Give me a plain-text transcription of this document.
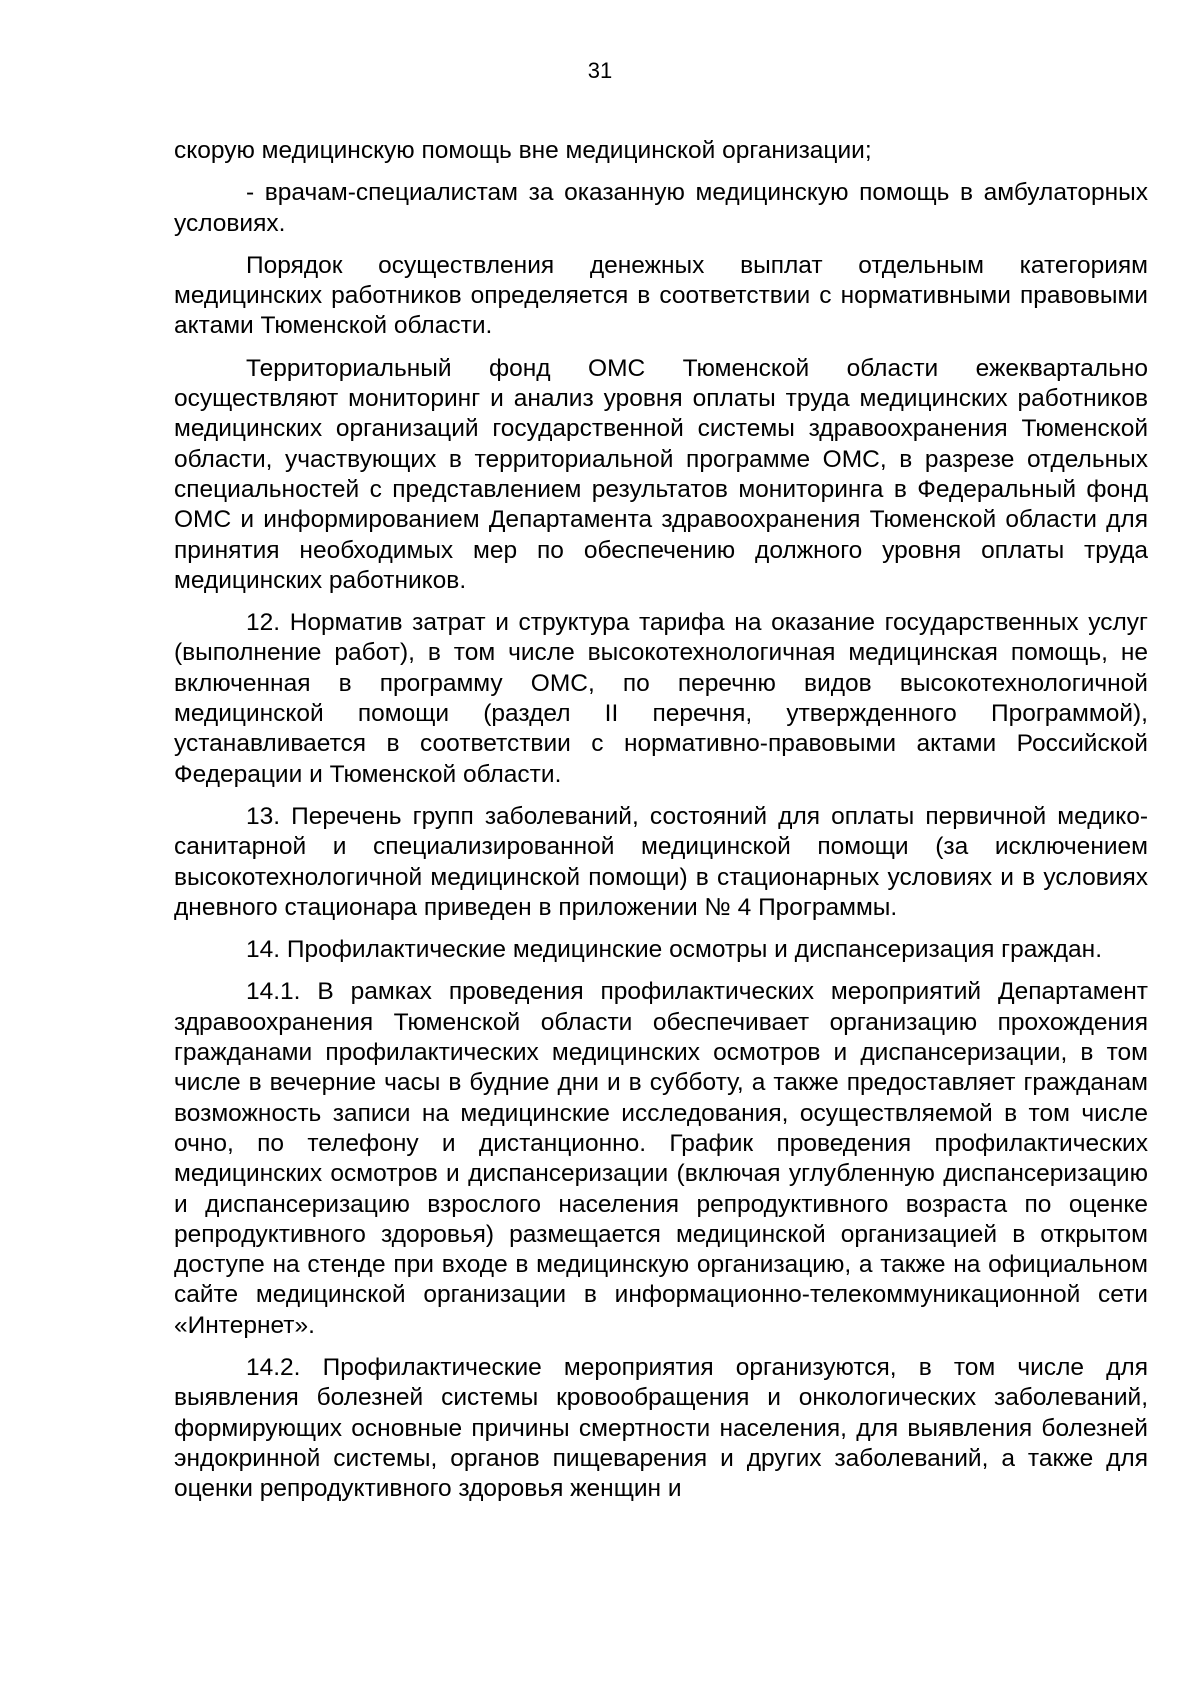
31

скорую медицинскую помощь вне медицинской организации;

- врачам-специалистам за оказанную медицинскую помощь в амбулаторных условиях.

Порядок осуществления денежных выплат отдельным категориям медицинских работников определяется в соответствии с нормативными правовыми актами Тюменской области.

Территориальный фонд ОМС Тюменской области ежеквартально осуществляют мониторинг и анализ уровня оплаты труда медицинских работников медицинских организаций государственной системы здравоохранения Тюменской области, участвующих в территориальной программе ОМС, в разрезе отдельных специальностей с представлением результатов мониторинга в Федеральный фонд ОМС и информированием Департамента здравоохранения Тюменской области для принятия необходимых мер по обеспечению должного уровня оплаты труда медицинских работников.

12. Норматив затрат и структура тарифа на оказание государственных услуг (выполнение работ), в том числе высокотехнологичная медицинская помощь, не включенная в программу ОМС, по перечню видов высокотехнологичной медицинской помощи (раздел II перечня, утвержденного Программой), устанавливается в соответствии с нормативно-правовыми актами Российской Федерации и Тюменской области.

13. Перечень групп заболеваний, состояний для оплаты первичной медико-санитарной и специализированной медицинской помощи (за исключением высокотехнологичной медицинской помощи) в стационарных условиях и в условиях дневного стационара приведен в приложении № 4 Программы.

14. Профилактические медицинские осмотры и диспансеризация граждан.

14.1. В рамках проведения профилактических мероприятий Департамент здравоохранения Тюменской области обеспечивает организацию прохождения гражданами профилактических медицинских осмотров и диспансеризации, в том числе в вечерние часы в будние дни и в субботу, а также предоставляет гражданам возможность записи на медицинские исследования, осуществляемой в том числе очно, по телефону и дистанционно. График проведения профилактических медицинских осмотров и диспансеризации (включая углубленную диспансеризацию и диспансеризацию взрослого населения репродуктивного возраста по оценке репродуктивного здоровья) размещается медицинской организацией в открытом доступе на стенде при входе в медицинскую организацию, а также на официальном сайте медицинской организации в информационно-телекоммуникационной сети «Интернет».

14.2. Профилактические мероприятия организуются, в том числе для выявления болезней системы кровообращения и онкологических заболеваний, формирующих основные причины смертности населения, для выявления болезней эндокринной системы, органов пищеварения и других заболеваний, а также для оценки репродуктивного здоровья женщин и
